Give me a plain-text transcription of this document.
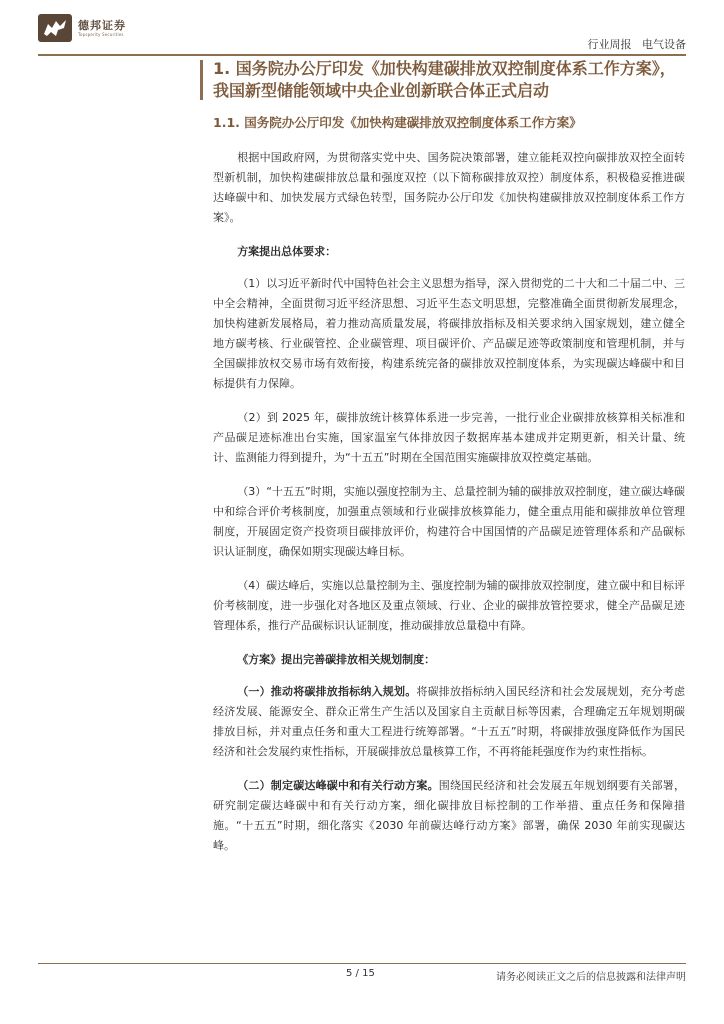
德邦证券
Topsperity Securities
行业周报 电气设备
1. 国务院办公厅印发《加快构建碳排放双控制度体系工作方案》，我国新型储能领域中央企业创新联合体正式启动
1.1. 国务院办公厅印发《加快构建碳排放双控制度体系工作方案》

根据中国政府网，为贯彻落实党中央、国务院决策部署，建立能耗双控向碳排放双控全面转型新机制，加快构建碳排放总量和强度双控（以下简称碳排放双控）制度体系，积极稳妥推进碳达峰碳中和、加快发展方式绿色转型，国务院办公厅印发《加快构建碳排放双控制度体系工作方案》。

方案提出总体要求：

（1）以习近平新时代中国特色社会主义思想为指导，深入贯彻党的二十大和二十届二中、三中全会精神，全面贯彻习近平经济思想、习近平生态文明思想，完整准确全面贯彻新发展理念，加快构建新发展格局，着力推动高质量发展，将碳排放指标及相关要求纳入国家规划，建立健全地方碳考核、行业碳管控、企业碳管理、项目碳评价、产品碳足迹等政策制度和管理机制，并与全国碳排放权交易市场有效衔接，构建系统完备的碳排放双控制度体系，为实现碳达峰碳中和目标提供有力保障。

（2）到 2025 年，碳排放统计核算体系进一步完善，一批行业企业碳排放核算相关标准和产品碳足迹标准出台实施，国家温室气体排放因子数据库基本建成并定期更新，相关计量、统计、监测能力得到提升，为“十五五”时期在全国范围实施碳排放双控奠定基础。

（3）“十五五”时期，实施以强度控制为主、总量控制为辅的碳排放双控制度，建立碳达峰碳中和综合评价考核制度，加强重点领域和行业碳排放核算能力，健全重点用能和碳排放单位管理制度，开展固定资产投资项目碳排放评价，构建符合中国国情的产品碳足迹管理体系和产品碳标识认证制度，确保如期实现碳达峰目标。

（4）碳达峰后，实施以总量控制为主、强度控制为辅的碳排放双控制度，建立碳中和目标评价考核制度，进一步强化对各地区及重点领域、行业、企业的碳排放管控要求，健全产品碳足迹管理体系，推行产品碳标识认证制度，推动碳排放总量稳中有降。

《方案》提出完善碳排放相关规划制度：

（一）推动将碳排放指标纳入规划。将碳排放指标纳入国民经济和社会发展规划，充分考虑经济发展、能源安全、群众正常生产生活以及国家自主贡献目标等因素，合理确定五年规划期碳排放目标，并对重点任务和重大工程进行统筹部署。“十五五”时期，将碳排放强度降低作为国民经济和社会发展约束性指标，开展碳排放总量核算工作，不再将能耗强度作为约束性指标。

（二）制定碳达峰碳中和有关行动方案。围绕国民经济和社会发展五年规划纲要有关部署，研究制定碳达峰碳中和有关行动方案，细化碳排放目标控制的工作举措、重点任务和保障措施。“十五五”时期，细化落实《2030 年前碳达峰行动方案》部署，确保 2030 年前实现碳达峰。

5 / 15	请务必阅读正文之后的信息披露和法律声明
